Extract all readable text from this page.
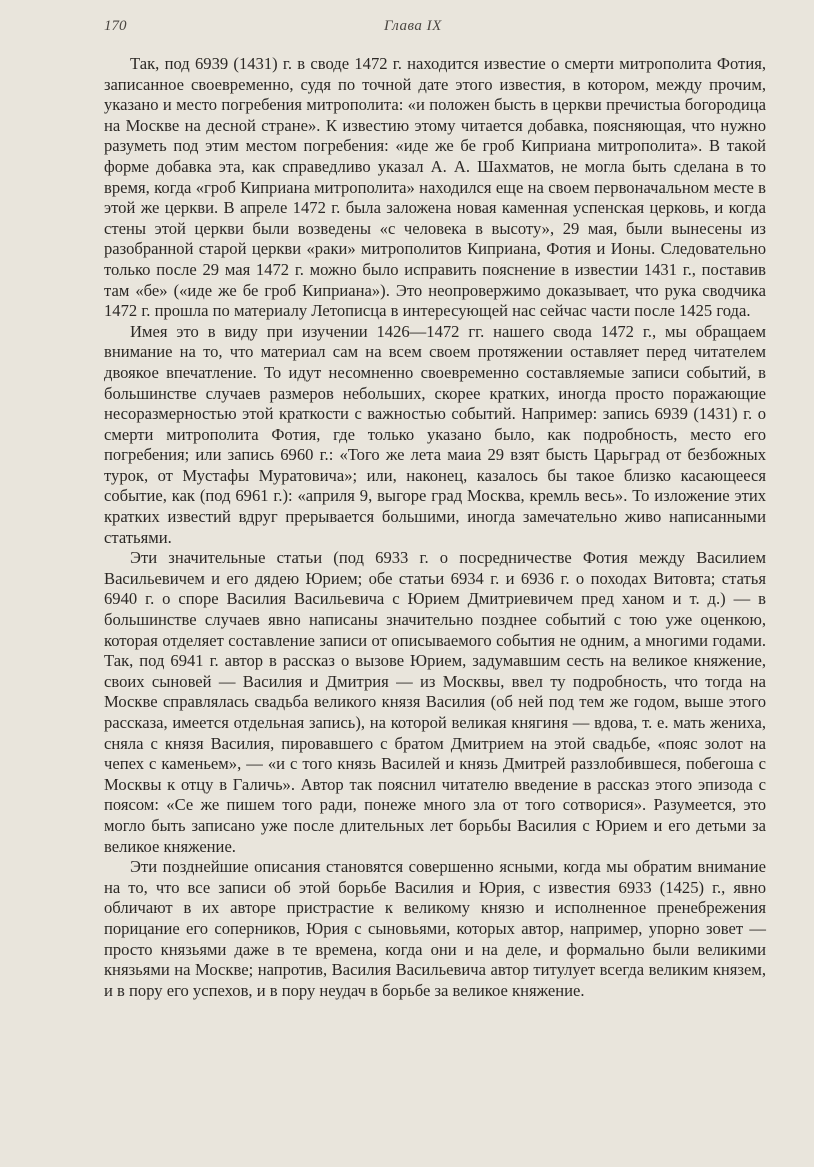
170	Глава IX

Так, под 6939 (1431) г. в своде 1472 г. находится известие о смерти митрополита Фотия, записанное своевременно, судя по точной дате этого известия, в котором, между прочим, указано и место погребения митрополита: «и положен бысть в церкви пречистыа богородица на Москве на десной стране». К известию этому читается добавка, поясняющая, что нужно разуметь под этим местом погребения: «иде же бе гроб Киприана митрополита». В такой форме добавка эта, как справедливо указал А. А. Шахматов, не могла быть сделана в то время, когда «гроб Киприана митрополита» находился еще на своем первоначальном месте в этой же церкви. В апреле 1472 г. была заложена новая каменная успенская церковь, и когда стены этой церкви были возведены «с человека в высоту», 29 мая, были вынесены из разобранной старой церкви «раки» митрополитов Киприана, Фотия и Ионы. Следовательно только после 29 мая 1472 г. можно было исправить пояснение в известии 1431 г., поставив там «бе» («иде же бе гроб Киприана»). Это неопровержимо доказывает, что рука сводчика 1472 г. прошла по материалу Летописца в интересующей нас сейчас части после 1425 года.

Имея это в виду при изучении 1426—1472 гг. нашего свода 1472 г., мы обращаем внимание на то, что материал сам на всем своем протяжении оставляет перед читателем двоякое впечатление. То идут несомненно своевременно составляемые записи событий, в большинстве случаев размеров небольших, скорее кратких, иногда просто поражающие несоразмерностью этой краткости с важностью событий. Например: запись 6939 (1431) г. о смерти митрополита Фотия, где только указано было, как подробность, место его погребения; или запись 6960 г.: «Того же лета маиа 29 взят бысть Царьград от безбожных турок, от Мустафы Муратовича»; или, наконец, казалось бы такое близко касающееся событие, как (под 6961 г.): «априля 9, выгоре град Москва, кремль весь». То изложение этих кратких известий вдруг прерывается большими, иногда замечательно живо написанными статьями.

Эти значительные статьи (под 6933 г. о посредничестве Фотия между Василием Васильевичем и его дядею Юрием; обе статьи 6934 г. и 6936 г. о походах Витовта; статья 6940 г. о споре Василия Васильевича с Юрием Дмитриевичем пред ханом и т. д.) — в большинстве случаев явно написаны значительно позднее событий с тою уже оценкою, которая отделяет составление записи от описываемого события не одним, а многими годами. Так, под 6941 г. автор в рассказ о вызове Юрием, задумавшим сесть на великое княжение, своих сыновей — Василия и Дмитрия — из Москвы, ввел ту подробность, что тогда на Москве справлялась свадьба великого князя Василия (об ней под тем же годом, выше этого рассказа, имеется отдельная запись), на которой великая княгиня — вдова, т. е. мать жениха, сняла с князя Василия, пировавшего с братом Дмитрием на этой свадьбе, «пояс золот на чепех с каменьем», — «и с того князь Василей и князь Дмитрей раззлобившеся, побегоша с Москвы к отцу в Галичь». Автор так пояснил читателю введение в рассказ этого эпизода с поясом: «Се же пишем того ради, понеже много зла от того сотворися». Разумеется, это могло быть записано уже после длительных лет борьбы Василия с Юрием и его детьми за великое княжение.

Эти позднейшие описания становятся совершенно ясными, когда мы обратим внимание на то, что все записи об этой борьбе Василия и Юрия, с известия 6933 (1425) г., явно обличают в их авторе пристрастие к великому князю и исполненное пренебрежения порицание его соперников, Юрия с сыновьями, которых автор, например, упорно зовет — просто князьями даже в те времена, когда они и на деле, и формально были великими князьями на Москве; напротив, Василия Васильевича автор титулует всегда великим князем, и в пору его успехов, и в пору неудач в борьбе за великое княжение.
